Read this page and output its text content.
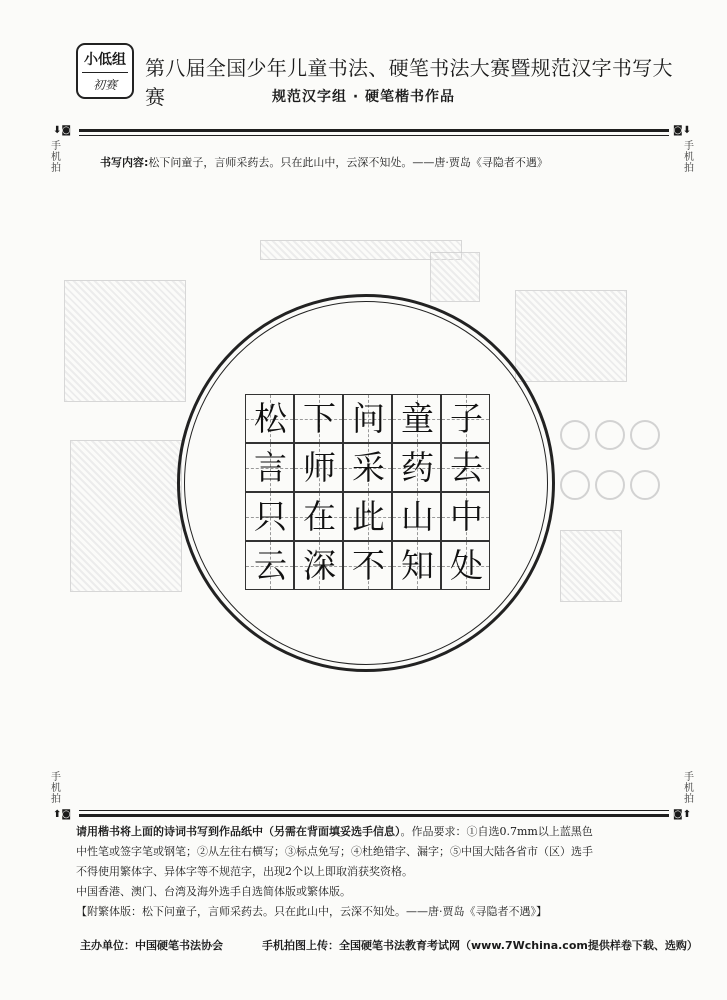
小低组
初赛
第八届全国少年儿童书法、硬笔书法大赛暨规范汉字书写大赛	规范汉字组 · 硬笔楷书作品
⬇◙	◙⬇
手
机
拍
手
机
拍
书写内容:松下问童子，言师采药去。只在此山中，云深不知处。——唐·贾岛《寻隐者不遇》
松 下 问 童 子
言 师 采 药 去
只 在 此 山 中
云 深 不 知 处
手
机
拍
手
机
拍
⬆◙	◙⬆
请用楷书将上面的诗词书写到作品纸中（另需在背面填妥选手信息）。作品要求：①自选0.7mm以上蓝黑色
中性笔或签字笔或钢笔；②从左往右横写；③标点免写；④杜绝错字、漏字；⑤中国大陆各省市（区）选手
不得使用繁体字、异体字等不规范字，出现2个以上即取消获奖资格。
中国香港、澳门、台湾及海外选手自选简体版或繁体版。
【附繁体版：松下问童子，言师采药去。只在此山中，云深不知处。——唐·贾岛《寻隐者不遇》】
主办单位：中国硬笔书法协会	手机拍图上传：全国硬笔书法教育考试网（www.7Wchina.com提供样卷下载、选购）
